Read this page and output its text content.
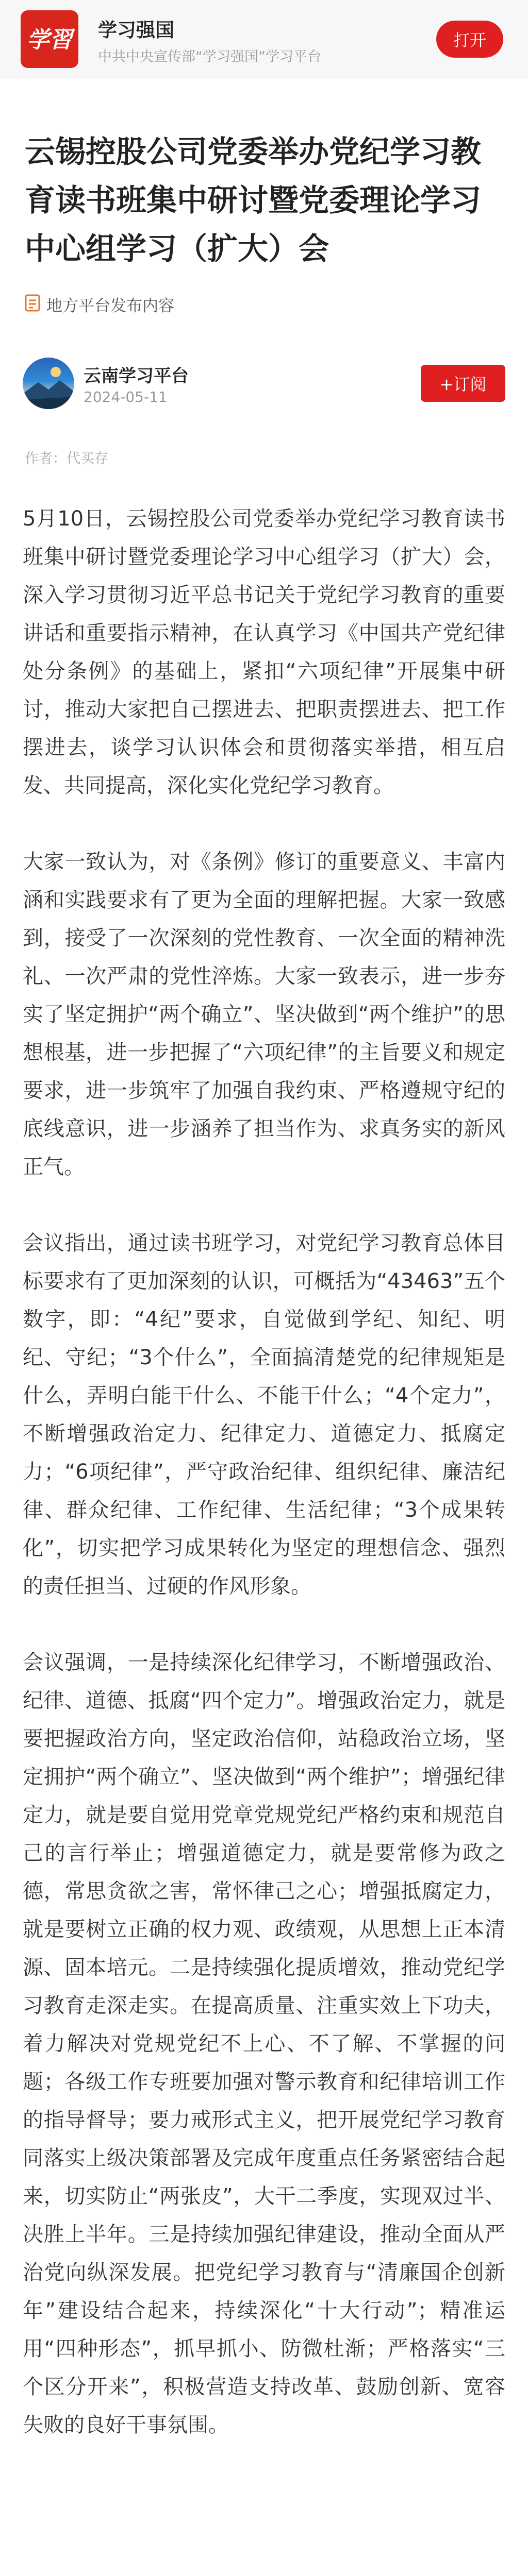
学習 学习强国
中共中央宣传部“学习强国”学习平台
打开
云锡控股公司党委举办党纪学习教育读书班集中研讨暨党委理论学习中心组学习（扩大）会
地方平台发布内容
云南学习平台
2024-05-11
+订阅
作者：代买存

5月10日，云锡控股公司党委举办党纪学习教育读书班集中研讨暨党委理论学习中心组学习（扩大）会，深入学习贯彻习近平总书记关于党纪学习教育的重要讲话和重要指示精神，在认真学习《中国共产党纪律处分条例》的基础上，紧扣“六项纪律”开展集中研讨，推动大家把自己摆进去、把职责摆进去、把工作摆进去，谈学习认识体会和贯彻落实举措，相互启发、共同提高，深化实化党纪学习教育。

大家一致认为，对《条例》修订的重要意义、丰富内涵和实践要求有了更为全面的理解把握。大家一致感到，接受了一次深刻的党性教育、一次全面的精神洗礼、一次严肃的党性淬炼。大家一致表示，进一步夯实了坚定拥护“两个确立”、坚决做到“两个维护”的思想根基，进一步把握了“六项纪律”的主旨要义和规定要求，进一步筑牢了加强自我约束、严格遵规守纪的底线意识，进一步涵养了担当作为、求真务实的新风正气。

会议指出，通过读书班学习，对党纪学习教育总体目标要求有了更加深刻的认识，可概括为“43463”五个数字，即：“4纪”要求，自觉做到学纪、知纪、明纪、守纪；“3个什么”，全面搞清楚党的纪律规矩是什么，弄明白能干什么、不能干什么；“4个定力”，不断增强政治定力、纪律定力、道德定力、抵腐定力；“6项纪律”，严守政治纪律、组织纪律、廉洁纪律、群众纪律、工作纪律、生活纪律；“3个成果转化”，切实把学习成果转化为坚定的理想信念、强烈的责任担当、过硬的作风形象。

会议强调，一是持续深化纪律学习，不断增强政治、纪律、道德、抵腐“四个定力”。增强政治定力，就是要把握政治方向，坚定政治信仰，站稳政治立场，坚定拥护“两个确立”、坚决做到“两个维护”；增强纪律定力，就是要自觉用党章党规党纪严格约束和规范自己的言行举止；增强道德定力，就是要常修为政之德，常思贪欲之害，常怀律己之心；增强抵腐定力，就是要树立正确的权力观、政绩观，从思想上正本清源、固本培元。二是持续强化提质增效，推动党纪学习教育走深走实。在提高质量、注重实效上下功夫，着力解决对党规党纪不上心、不了解、不掌握的问题；各级工作专班要加强对警示教育和纪律培训工作的指导督导；要力戒形式主义，把开展党纪学习教育同落实上级决策部署及完成年度重点任务紧密结合起来，切实防止“两张皮”，大干二季度，实现双过半、决胜上半年。三是持续加强纪律建设，推动全面从严治党向纵深发展。把党纪学习教育与“清廉国企创新年”建设结合起来，持续深化“十大行动”；精准运用“四种形态”，抓早抓小、防微杜渐；严格落实“三个区分开来”，积极营造支持改革、鼓励创新、宽容失败的良好干事氛围。
